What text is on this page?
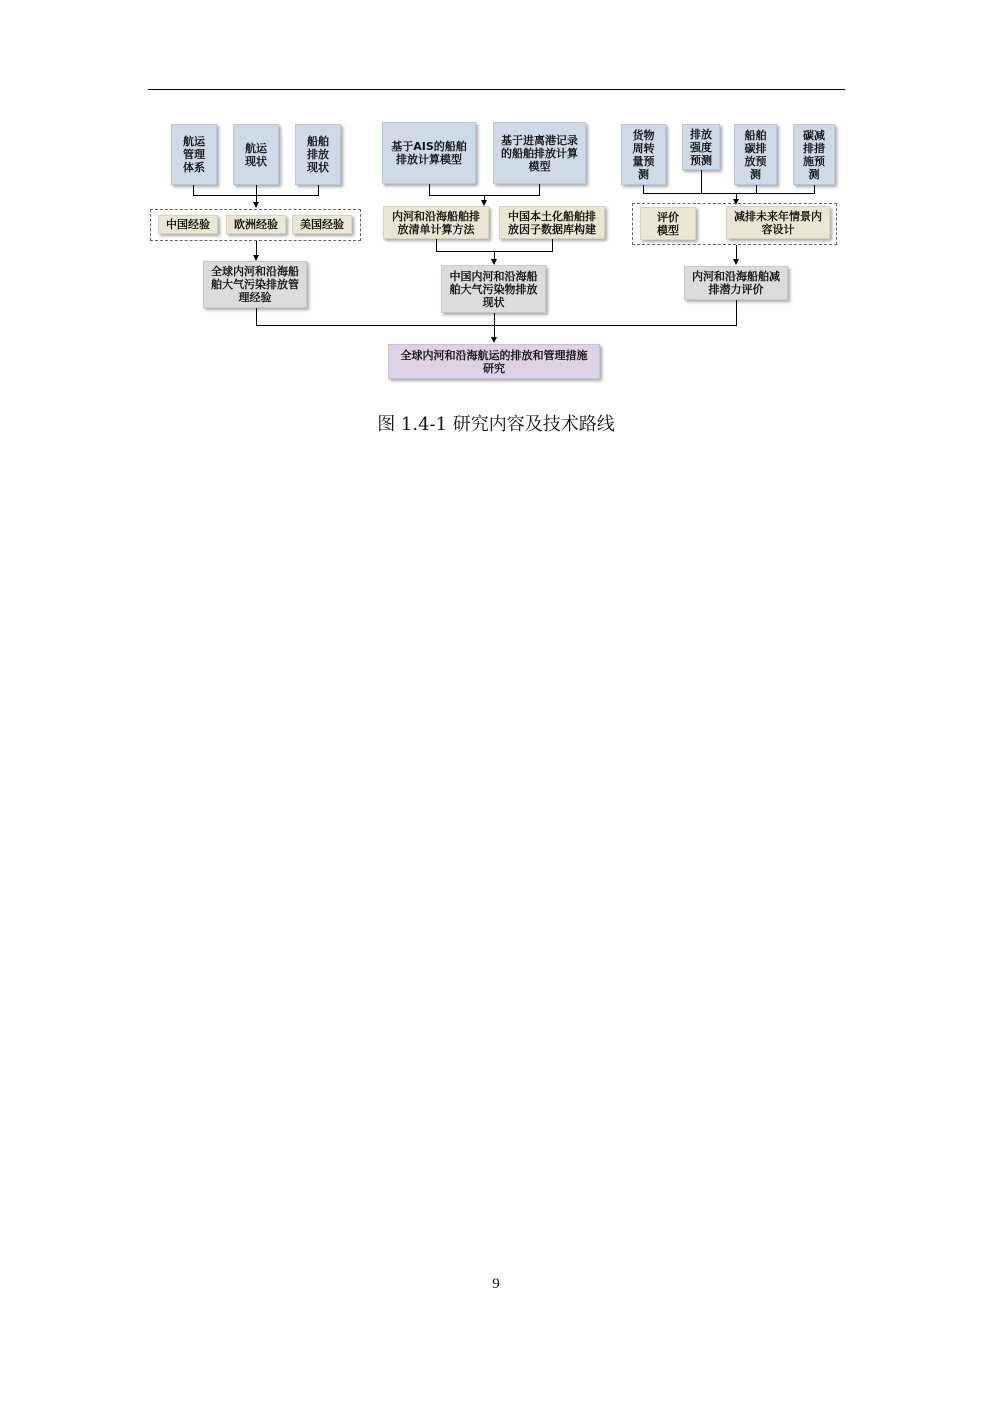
航运
管理
体系
航运
现状
船舶
排放
现状
中国经验	欧洲经验	美国经验
全球内河和沿海船
舶大气污染排放管
理经验
基于AIS的船舶
排放计算模型
基于进离港记录
的船舶排放计算
模型
内河和沿海船舶排
放清单计算方法
中国本土化船舶排
放因子数据库构建
中国内河和沿海船
舶大气污染物排放
现状
货物
周转
量预
测
排放
强度
预测
船舶
碳排
放预
测
碳减
排措
施预
测
评价
模型
减排未来年情景内
容设计
内河和沿海船舶减
排潜力评价
全球内河和沿海航运的排放和管理措施
研究
图 1.4-1 研究内容及技术路线
9
